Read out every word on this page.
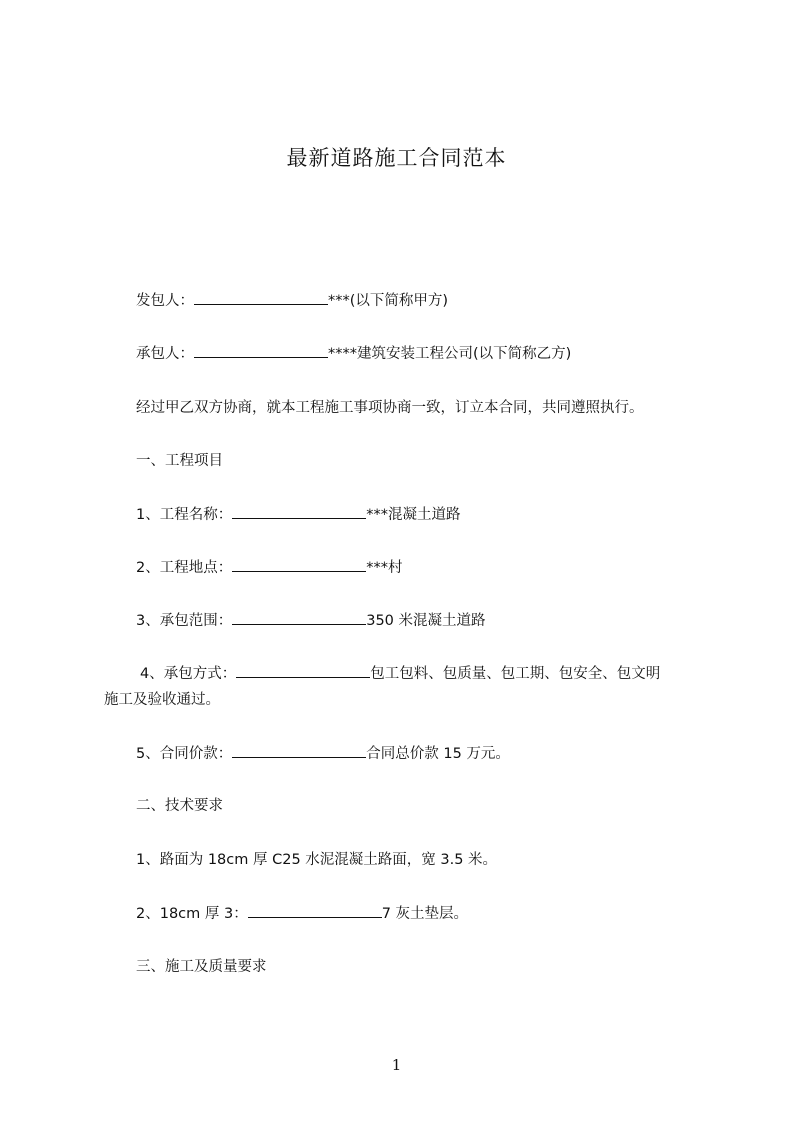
最新道路施工合同范本
发包人：	***(以下简称甲方)
承包人：	****建筑安装工程公司(以下简称乙方)
经过甲乙双方协商，就本工程施工事项协商一致，订立本合同，共同遵照执行。
一、工程项目
1、工程名称：	***混凝土道路
2、工程地点：	***村
3、承包范围：	350 米混凝土道路
4、承包方式：	包工包料、包质量、包工期、包安全、包文明
施工及验收通过。
5、合同价款：	合同总价款 15 万元。
二、技术要求
1、路面为 18cm 厚 C25 水泥混凝土路面，宽 3.5 米。
2、18cm 厚 3：	7 灰土垫层。
三、施工及质量要求
1
